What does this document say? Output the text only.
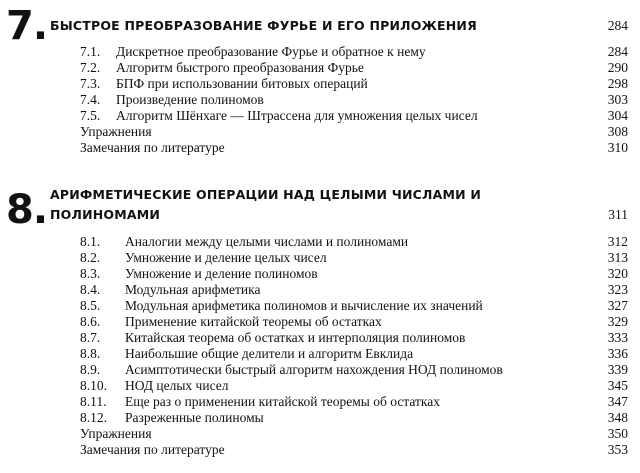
7. БЫСТРОЕ ПРЕОБРАЗОВАНИЕ ФУРЬЕ И ЕГО ПРИЛОЖЕНИЯ	284
7.1. Дискретное преобразование Фурье и обратное к нему	284
7.2. Алгоритм быстрого преобразования Фурье	290
7.3. БПФ при использовании битовых операций	298
7.4. Произведение полиномов	303
7.5. Алгоритм Шёнхаге — Штрассена для умножения целых чисел	304
Упражнения	308
Замечания по литературе	310
8. АРИФМЕТИЧЕСКИЕ ОПЕРАЦИИ НАД ЦЕЛЫМИ ЧИСЛАМИ И
ПОЛИНОМАМИ	311
8.1. Аналогии между целыми числами и полиномами	312
8.2. Умножение и деление целых чисел	313
8.3. Умножение и деление полиномов	320
8.4. Модульная арифметика	323
8.5. Модульная арифметика полиномов и вычисление их значений	327
8.6. Применение китайской теоремы об остатках	329
8.7. Китайская теорема об остатках и интерполяция полиномов	333
8.8. Наибольшие общие делители и алгоритм Евклида	336
8.9. Асимптотически быстрый алгоритм нахождения НОД полиномов	339
8.10. НОД целых чисел	345
8.11. Еще раз о применении китайской теоремы об остатках	347
8.12. Разреженные полиномы	348
Упражнения	350
Замечания по литературе	353
